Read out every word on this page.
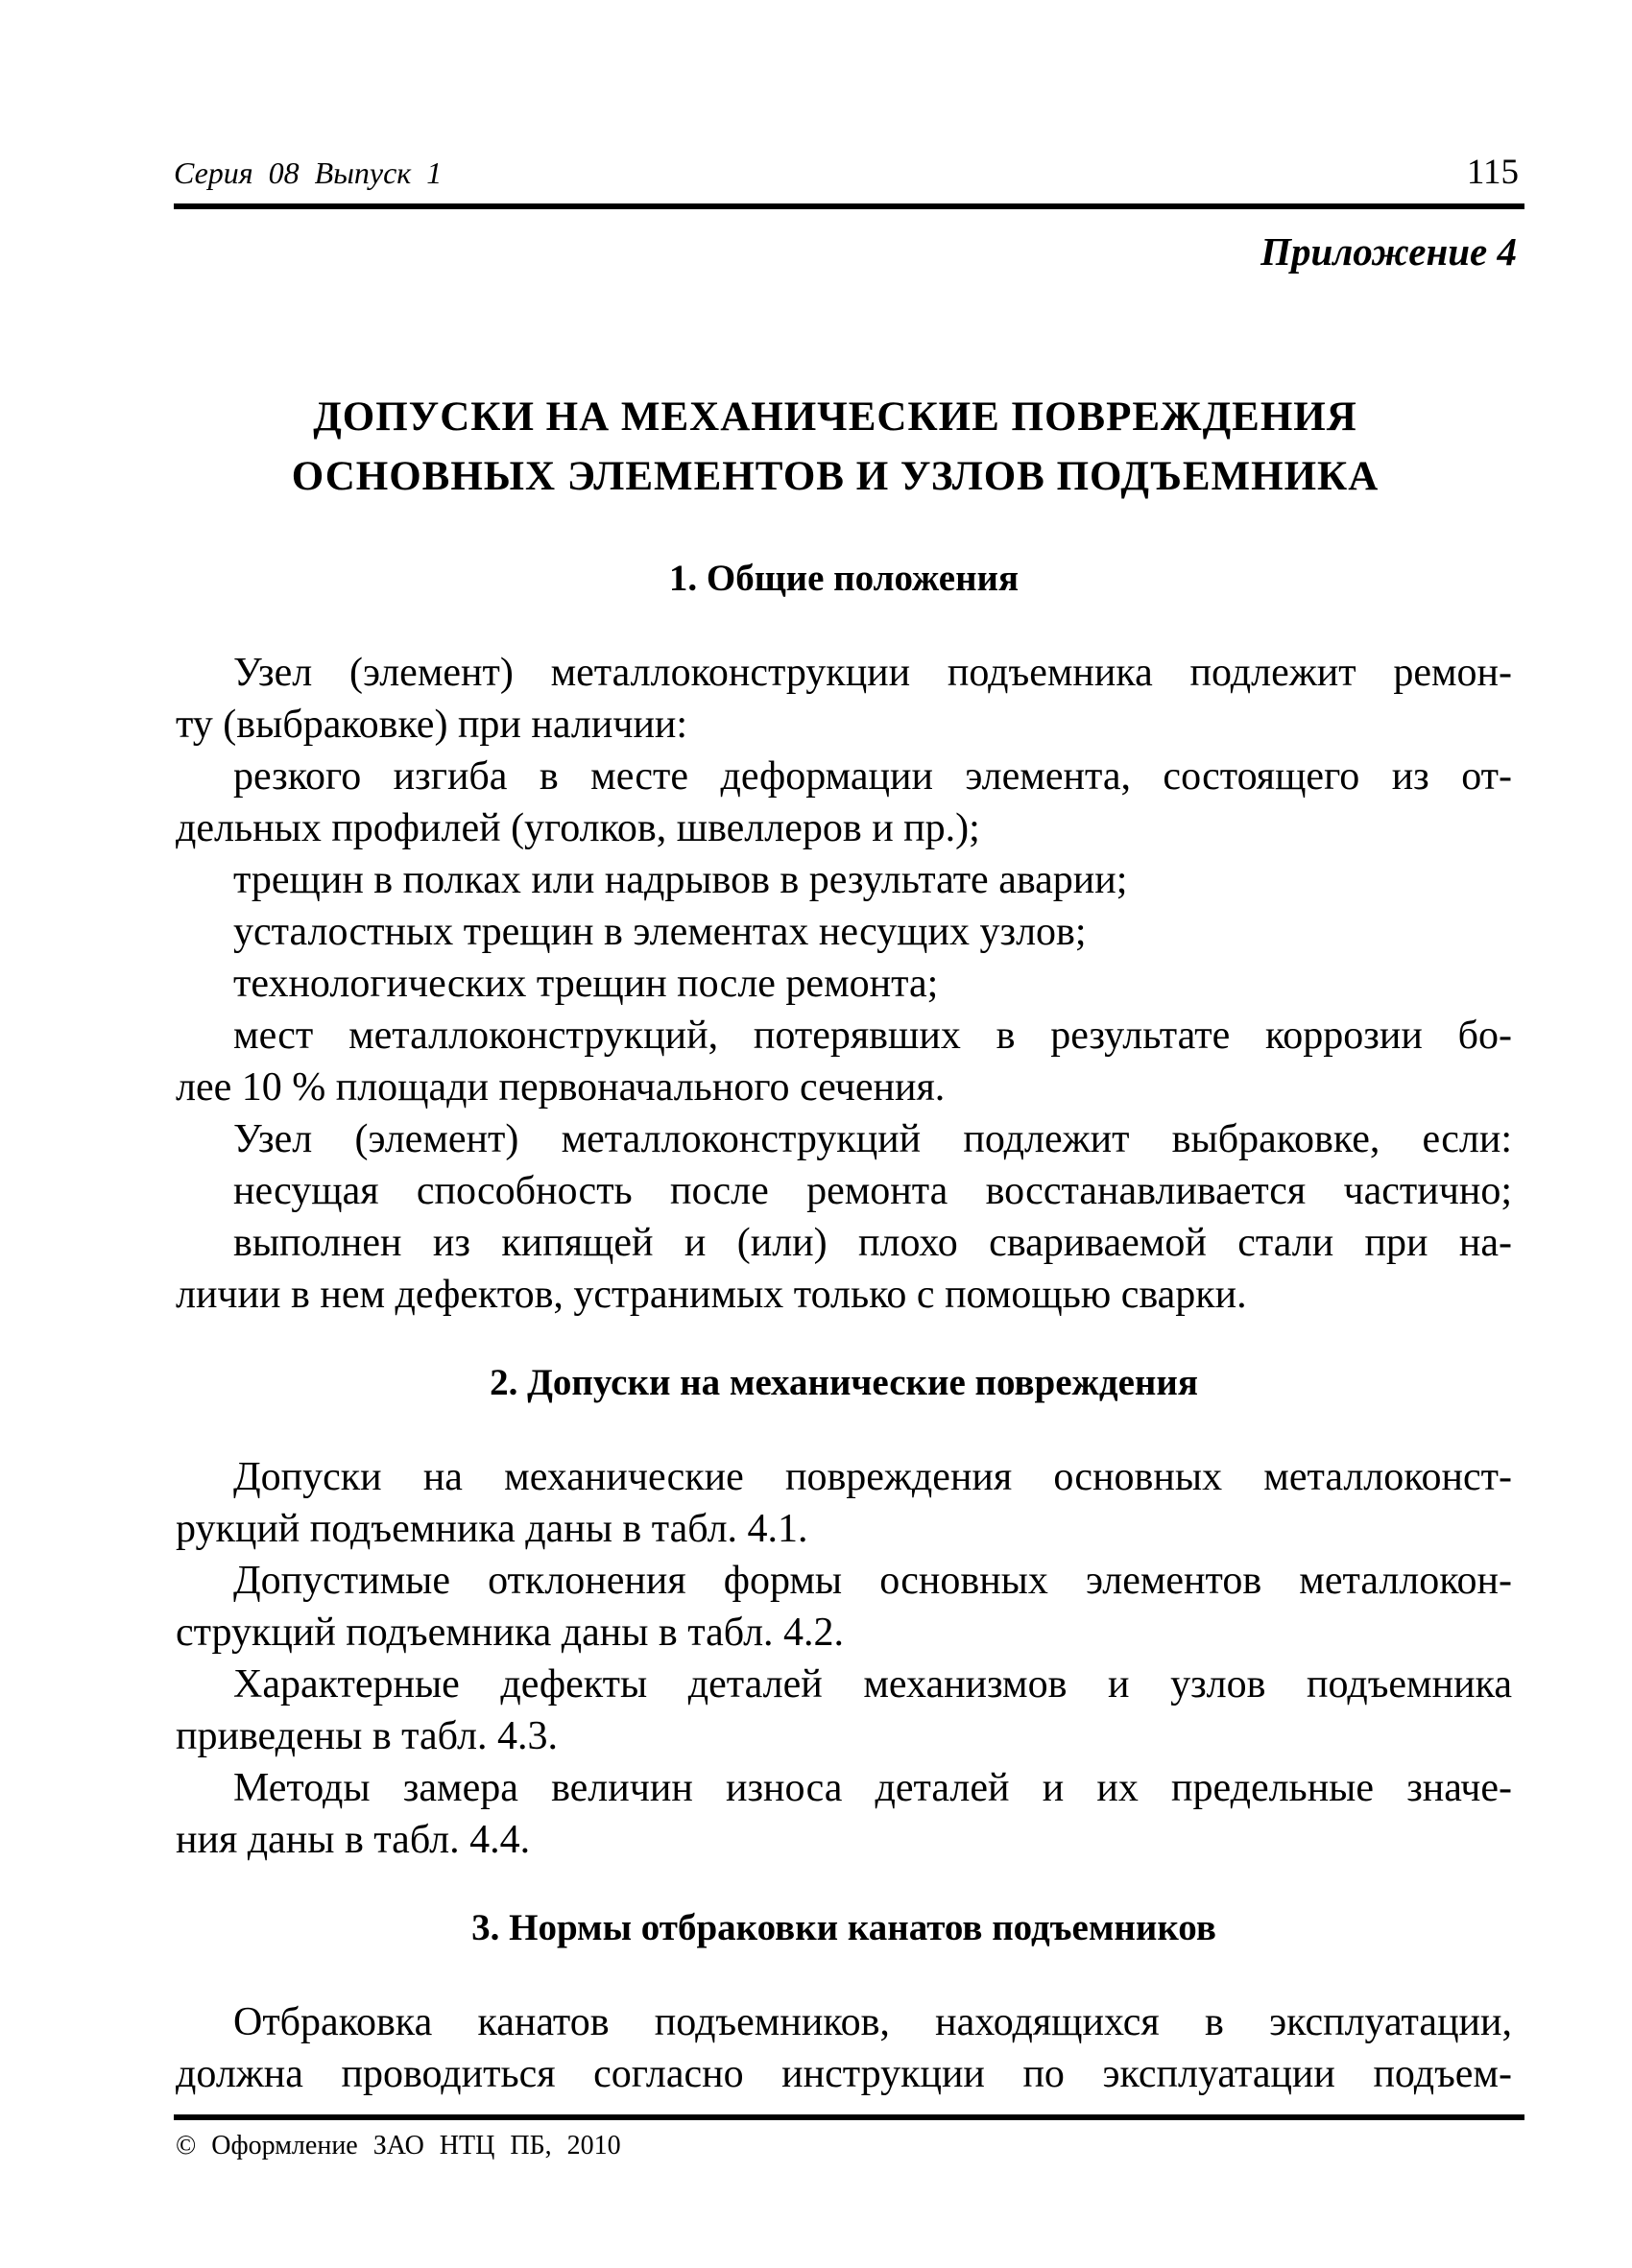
Серия 08 Выпуск 1	115
Приложение 4
ДОПУСКИ НА МЕХАНИЧЕСКИЕ ПОВРЕЖДЕНИЯ
ОСНОВНЫХ ЭЛЕМЕНТОВ И УЗЛОВ ПОДЪЕМНИКА
1. Общие положения
Узел (элемент) металлоконструкции подъемника подлежит ремон-
ту (выбраковке) при наличии:
резкого изгиба в месте деформации элемента, состоящего из от-
дельных профилей (уголков, швеллеров и пр.);
трещин в полках или надрывов в результате аварии;
усталостных трещин в элементах несущих узлов;
технологических трещин после ремонта;
мест металлоконструкций, потерявших в результате коррозии бо-
лее 10 % площади первоначального сечения.
Узел (элемент) металлоконструкций подлежит выбраковке, если:
несущая способность после ремонта восстанавливается частично;
выполнен из кипящей и (или) плохо свариваемой стали при на-
личии в нем дефектов, устранимых только с помощью сварки.
2. Допуски на механические повреждения
Допуски на механические повреждения основных металлоконст-
рукций подъемника даны в табл. 4.1.
Допустимые отклонения формы основных элементов металлокон-
струкций подъемника даны в табл. 4.2.
Характерные дефекты деталей механизмов и узлов подъемника
приведены в табл. 4.3.
Методы замера величин износа деталей и их предельные значе-
ния даны в табл. 4.4.
3. Нормы отбраковки канатов подъемников
Отбраковка канатов подъемников, находящихся в эксплуатации,
должна проводиться согласно инструкции по эксплуатации подъем-
© Оформление ЗАО НТЦ ПБ, 2010
